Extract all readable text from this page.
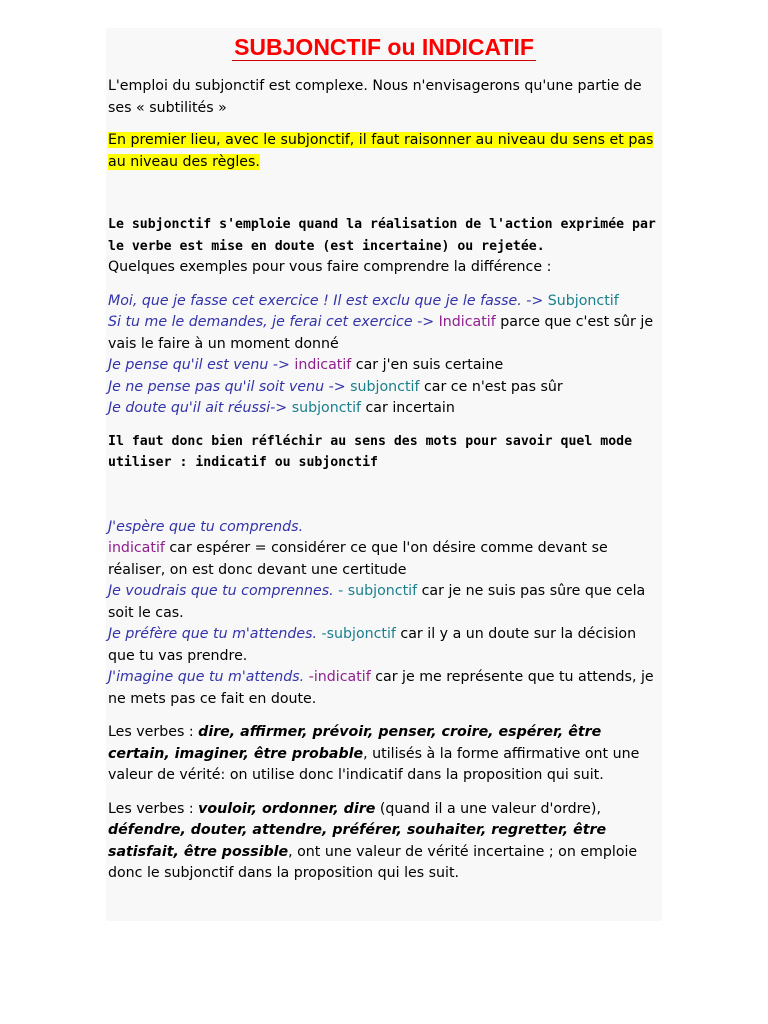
SUBJONCTIF ou INDICATIF

L'emploi du subjonctif est complexe. Nous n'envisagerons qu'une partie de ses « subtilités »

En premier lieu, avec le subjonctif, il faut raisonner au niveau du sens et pas au niveau des règles.

Le subjonctif s'emploie quand la réalisation de l'action exprimée par le verbe est mise en doute (est incertaine) ou rejetée.

Quelques exemples pour vous faire comprendre la différence :

Moi, que je fasse cet exercice ! Il est exclu que je le fasse. -> Subjonctif

Si tu me le demandes, je ferai cet exercice -> Indicatif parce que c'est sûr je vais le faire à un moment donné

Je pense qu'il est venu -> indicatif car j'en suis certaine

Je ne pense pas qu'il soit venu -> subjonctif car ce n'est pas sûr

Je doute qu'il ait réussi-> subjonctif car incertain

Il faut donc bien réfléchir au sens des mots pour savoir quel mode utiliser : indicatif ou subjonctif

J'espère que tu comprends.

indicatif car espérer = considérer ce que l'on désire comme devant se réaliser, on est donc devant une certitude

Je voudrais que tu comprennes. - subjonctif car je ne suis pas sûre que cela soit le cas.

Je préfère que tu m'attendes. -subjonctif car il y a un doute sur la décision que tu vas prendre.

J'imagine que tu m'attends. -indicatif car je me représente que tu attends, je ne mets pas ce fait en doute.

Les verbes : dire, affirmer, prévoir, penser, croire, espérer, être certain, imaginer, être probable, utilisés à la forme affirmative ont une valeur de vérité: on utilise donc l'indicatif dans la proposition qui suit.

Les verbes : vouloir, ordonner, dire (quand il a une valeur d'ordre), défendre, douter, attendre, préférer, souhaiter, regretter, être satisfait, être possible, ont une valeur de vérité incertaine ; on emploie donc le subjonctif dans la proposition qui les suit.
